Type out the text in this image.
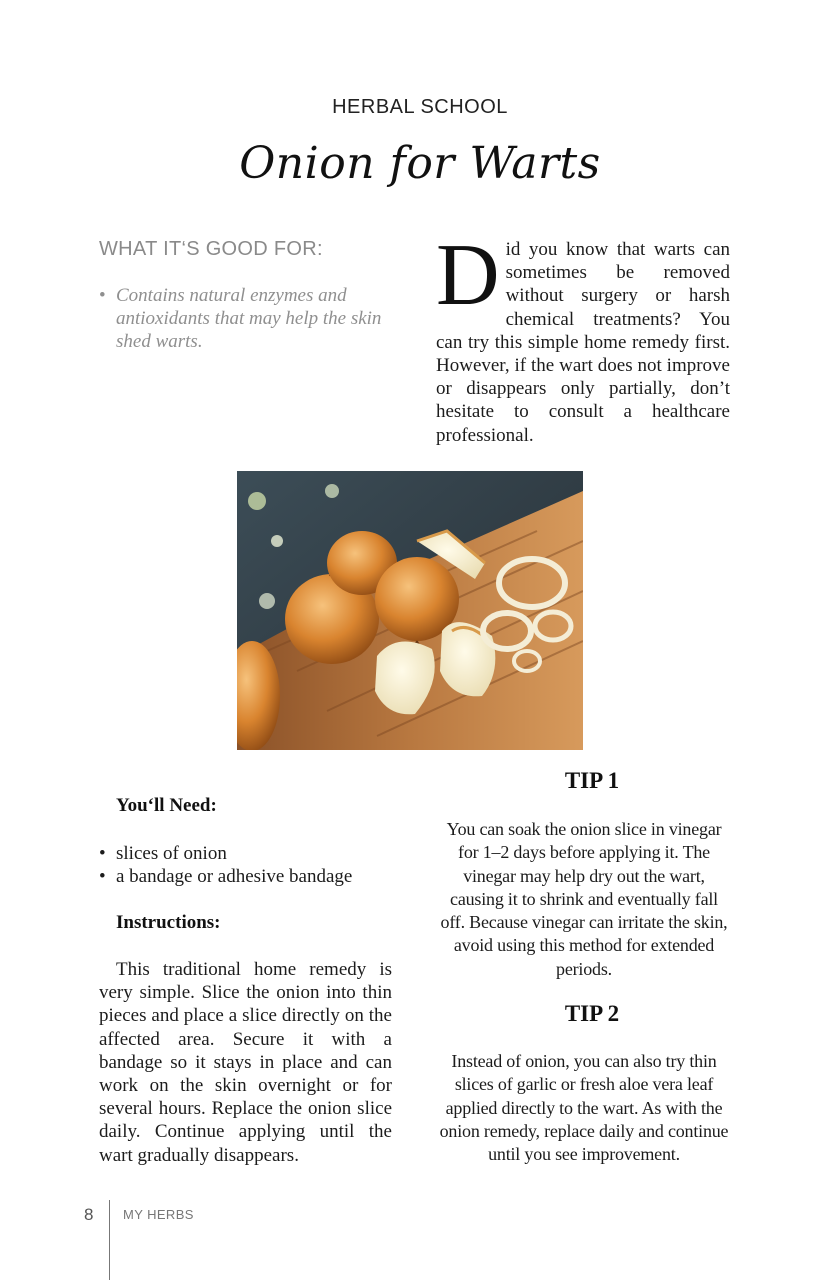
HERBAL SCHOOL
Onion for Warts
WHAT IT‘S GOOD FOR:
• Contains natural enzymes and antioxidants that may help the skin shed warts.
D id you know that warts can sometimes be removed without surgery or harsh chemical treatments? You can try this simple home remedy first. However, if the wart does not improve or disappears only partially, don’t hesitate to consult a healthcare professional.
You‘ll Need:
• slices of onion
• a bandage or adhesive bandage
Instructions:
This traditional home remedy is very simple. Slice the onion into thin pieces and place a slice directly on the affected area. Secure it with a bandage so it stays in place and can work on the skin overnight or for several hours. Replace the onion slice daily. Continue applying until the wart gradually disappears.
TIP 1
You can soak the onion slice in vinegar for 1–2 days before applying it. The vinegar may help dry out the wart, causing it to shrink and eventually fall off. Because vinegar can irritate the skin, avoid using this method for extended periods.
TIP 2
Instead of onion, you can also try thin slices of garlic or fresh aloe vera leaf applied directly to the wart. As with the onion remedy, replace daily and continue until you see improvement.
8 MY HERBS
